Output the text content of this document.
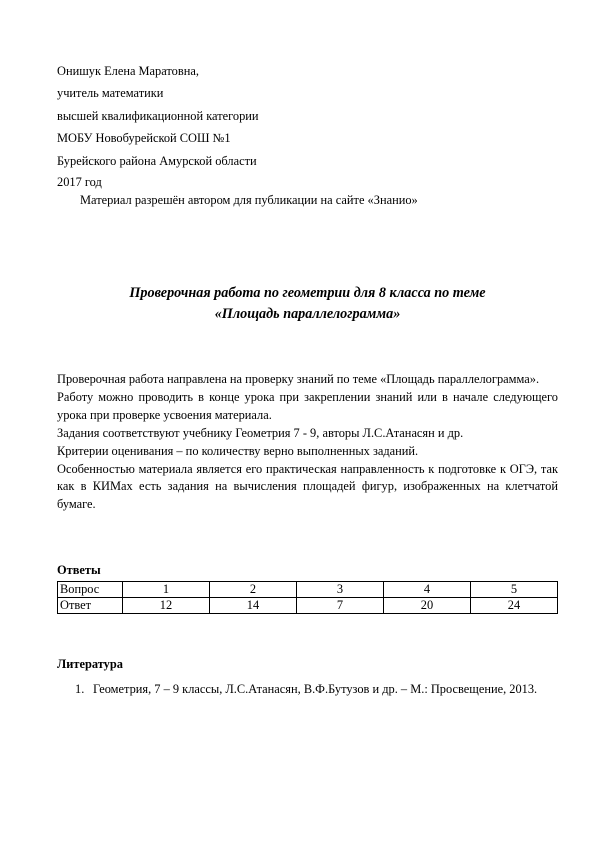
Онишук Елена Маратовна,
учитель математики
высшей квалификационной категории
МОБУ Новобурейской СОШ №1
Бурейского района Амурской области
2017 год
Материал разрешён автором для публикации на сайте «Знанио»
Проверочная работа по геометрии для 8 класса по теме
«Площадь параллелограмма»

Проверочная работа направлена на проверку знаний по теме «Площадь параллелограмма».

Работу можно проводить в конце урока при закреплении знаний или в начале следующего урока при проверке усвоения материала.

Задания соответствуют учебнику Геометрия 7 - 9, авторы Л.С.Атанасян и др.

Критерии оценивания – по количеству верно выполненных заданий.

Особенностью материала является его практическая направленность к подготовке к ОГЭ, так как в КИМах есть задания на вычисления площадей фигур, изображенных на клетчатой бумаге.

Ответы
Вопрос	1	2	3	4	5
Ответ	12	14	7	20	24
Литература
1. Геометрия, 7 – 9 классы, Л.С.Атанасян, В.Ф.Бутузов и др. – М.: Просвещение, 2013.
